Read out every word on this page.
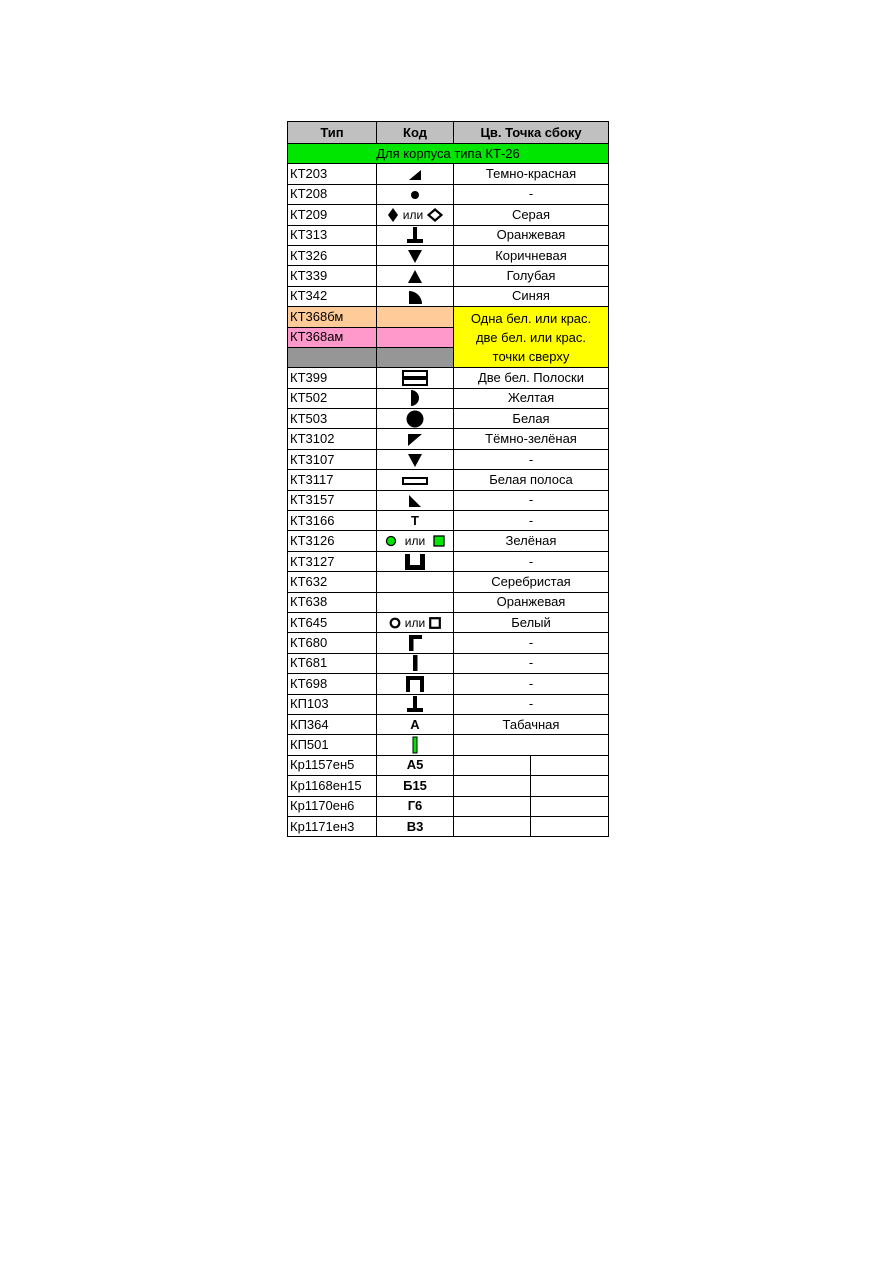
Тип	Код	Цв. Точка сбоку	
Для корпуса типа КТ-26			
КТ203		Темно-красная	
КТ208		-	
КТ209	или	Серая	
КТ313		Оранжевая	
КТ326		Коричневая	
КТ339		Голубая	
КТ342		Синяя	
КТ368бм		Одна бел. или крас.
две бел. или крас.
точки сверху	

КТ368ам			

КТ399		Две бел. Полоски	
КТ502		Желтая	
КТ503		Белая	
КТ3102		Тёмно-зелёная	
КТ3107		-	
КТ3117		Белая полоса	
КТ3157		-	
КТ3166	Т	-	
КТ3126	или	Зелёная	
КТ3127		-	
КТ632		Серебристая	
КТ638		Оранжевая	
КТ645	или	Белый	
КТ680		-	
КТ681		-	
КТ698		-	
КП103		-	
КП364	А	Табачная	
КП501		
Кр1157ен5	А5		
Кр1168ен15	Б15		
Кр1170ен6	Г6		
Кр1171ен3	В3		
